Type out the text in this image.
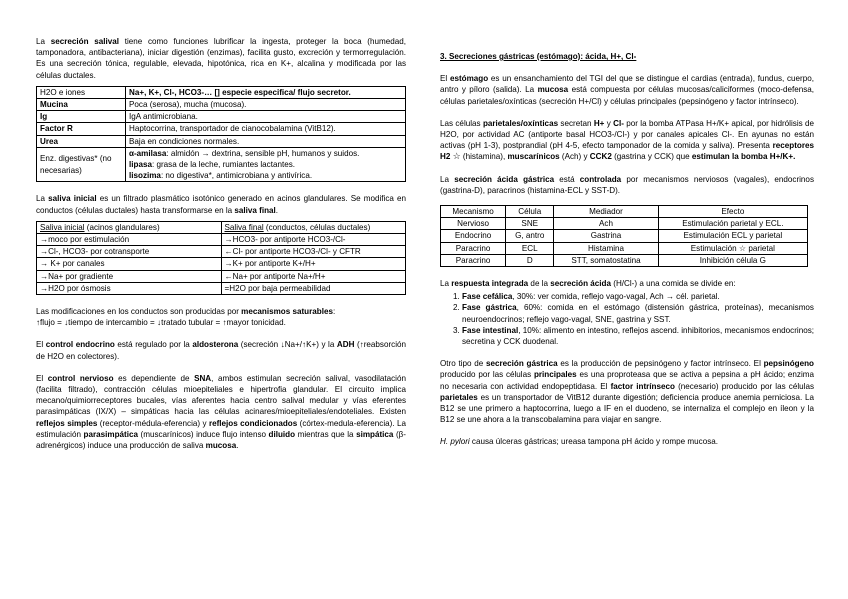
La secreción salival tiene como funciones lubrificar la ingesta, proteger la boca (humedad, tamponadora, antibacteriana), iniciar digestión (enzimas), facilita gusto, excreción y termorregulación. Es una secreción tónica, regulable, elevada, hipotónica, rica en K+, alcalina y modificada por las células ductales.

H2O e iones	Na+, K+, Cl-, HCO3-… [] especie especifica/ flujo secretor.
Mucina	Poca (serosa), mucha (mucosa).
Ig	IgA antimicrobiana.
Factor R	Haptocorrina, transportador de cianocobalamina (VitB12).
Urea	Baja en condiciones normales.
Enz. digestivas* (no necesarias)	α-amilasa: almidón → dextrina, sensible pH, humanos y suidos.
lipasa: grasa de la leche, rumiantes lactantes.
lisozima: no digestiva*, antimicrobiana y antivírica.

La saliva inicial es un filtrado plasmático isotónico generado en acinos glandulares. Se modifica en conductos (células ductales) hasta transformarse en la saliva final.

Saliva inicial (acinos glandulares)	Saliva final (conductos, células ductales)
→moco por estimulación	→HCO3- por antiporte HCO3-/Cl-
→Cl-, HCO3- por cotransporte	←Cl- por antiporte HCO3-/Cl- y CFTR
→ K+ por canales	→K+ por antiporte K+/H+
→Na+ por gradiente	←Na+ por antiporte Na+/H+
→H2O por ósmosis	=H2O por baja permeabilidad

Las modificaciones en los conductos son producidas por mecanismos saturables:
↑flujo = ↓tiempo de intercambio = ↓tratado tubular = ↑mayor tonicidad.

El control endocrino está regulado por la aldosterona (secreción ↓Na+/↑K+) y la ADH (↑reabsorción de H2O en colectores).

El control nervioso es dependiente de SNA, ambos estimulan secreción salival, vasodilatación (facilita filtrado), contracción células mioepiteliales e hipertrofia glandular. El circuito implica mecano/quimiorreceptores bucales, vías aferentes hacia centro salival medular y vías eferentes parasimpáticas (IX/X) – simpáticas hacia las células acinares/mioepiteliales/endoteliales. Existen reflejos simples (receptor-médula-eferencia) y reflejos condicionados (córtex-medula-eferencia). La estimulación parasimpática (muscarínicos) induce flujo intenso diluido mientras que la simpática (β-adrenérgicos) induce una producción de saliva mucosa.

3. Secreciones gástricas (estómago): ácida, H+, Cl-

El estómago es un ensanchamiento del TGI del que se distingue el cardias (entrada), fundus, cuerpo, antro y píloro (salida). La mucosa está compuesta por células mucosas/caliciformes (moco-defensa, células parietales/oxínticas (secreción H+/Cl) y células principales (pepsinógeno y factor intrínseco).

Las células parietales/oxínticas secretan H+ y Cl- por la bomba ATPasa H+/K+ apical, por hidrólisis de H2O, por actividad AC (antiporte basal HCO3-/Cl-) y por canales apicales Cl-. En ayunas no están activas (pH 1-3), postprandial (pH 4-5, efecto tamponador de la comida y saliva). Presenta receptores H2 ☆ (histamina), muscarínicos (Ach) y CCK2 (gastrina y CCK) que estimulan la bomba H+/K+.

La secreción ácida gástrica está controlada por mecanismos nerviosos (vagales), endocrinos (gastrina-D), paracrinos (histamina-ECL y SST-D).

Mecanismo	Célula	Mediador	Efecto
Nervioso	SNE	Ach	Estimulación parietal y ECL.
Endocrino	G, antro	Gastrina	Estimulación ECL y parietal
Paracrino	ECL	Histamina	Estimulación ☆ parietal
Paracrino	D	STT, somatostatina	Inhibición célula G

La respuesta integrada de la secreción ácida (H/Cl-) a una comida se divide en:

1. Fase cefálica, 30%: ver comida, reflejo vago-vagal, Ach → cél. parietal.
2. Fase gástrica, 60%: comida en el estómago (distensión gástrica, proteínas), mecanismos neuroendocrinos; reflejo vago-vagal, SNE, gastrina y SST.
3. Fase intestinal, 10%: alimento en intestino, reflejos ascend. inhibitorios, mecanismos endocrinos; secretina y CCK duodenal.

Otro tipo de secreción gástrica es la producción de pepsinógeno y factor intrínseco. El pepsinógeno producido por las células principales es una proproteasa que se activa a pepsina a pH ácido; enzima no necesaria con actividad endopeptidasa. El factor intrínseco (necesario) producido por las células parietales es un transportador de VitB12 durante digestión; deficiencia produce anemia perniciosa. La B12 se une primero a haptocorrina, luego a IF en el duodeno, se internaliza el complejo en íleon y la B12 se une ahora a la transcobalamina para viajar en sangre.

H. pylori causa úlceras gástricas; ureasa tampona pH ácido y rompe mucosa.
